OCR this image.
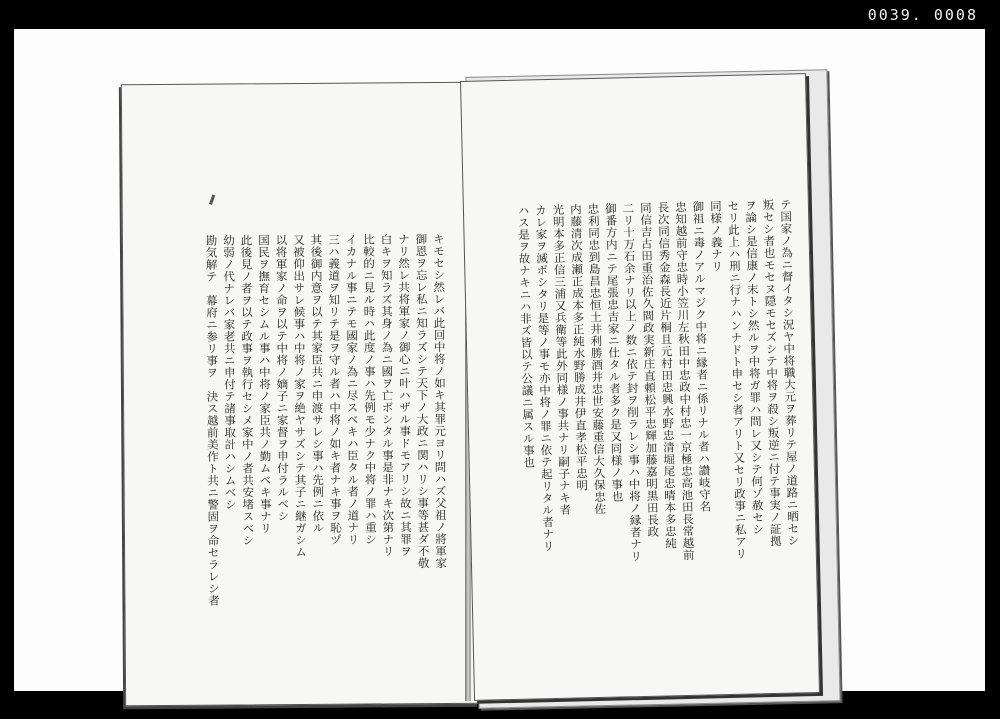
0039. 0008
キモセシ然レバ此回中将ノ如キ其罪元ヨリ問ハズ父祖ノ將軍家
御恩ヲ忘レ私ニ知ラズシテ天下ノ大政ニ関ハリシ事等甚ダ不敬
ナリ然レ共将軍家ノ御心ニ叶ハザル事ドモアリシ故ニ其罪ヲ
白キヲ知ラズ其身ノ為ニ國ヲ亡ボシタル事是非ナキ次第ナリ
比較的ニ見ル時ハ此度ノ事ハ先例モ少ナク中将ノ罪ハ重シ
イカナル事ニテモ國家ノ為ニ尽スベキハ臣タル者ノ道ナリ
三ハ義道ヲ知リテ是ヲ守ル者ハ中将ノ如キ者ナキ事ヲ恥ヅ
其後御内意ヲ以テ其家臣共ニ申渡サレシ事ハ先例ニ依ル
又被仰出サレ候事ハ中将ノ家ヲ絶ヤサズシテ其子ニ継ガシム
以将軍家ノ命ヲ以テ中将ノ嫡子ニ家督ヲ申付ラルベシ
国民ヲ撫育セシムル事ハ中将ノ家臣共ノ勤ムベキ事ナリ
此後見ノ者ヲ以テ政事ヲ執行セシメ家中ノ者共安堵スベシ
幼弱ノ代ナレバ家老共ニ申付テ諸事取計ハシムベシ
勘気解テ　幕府ニ参リ事ヲ　決ス越前美作ト共ニ警固ヲ命セラレシ者	テ国家ノ為ニ督イタシ況ヤ中将職大元ヲ葬リテ屋ノ道路ニ晒セシ
叛セシ者也モセヌ隠モセズシテ中将ヲ殺シ叛逆ニ付テ事実ノ証拠
ヲ論シ是信康ノ末トシ然ルヲ中将ガ罪ハ問レ又シテ何ゾ赦セシ
セリ此上ハ刑ニ行ナハンナドト申セシ者アリト又セリ政事ニ私アリ
同様ノ義ナリ
御祖ニ毒ノアルマジク中将ニ縁者ニ係リナル者ハ讃岐守名
忠知越前守忠時小笠川左秋田中忠政中村忠一京極忠高池田長常越前
長次同信秀金森長近片桐且元村田忠興水野忠清堀尾忠晴本多忠純
同信吉古田重治佐久間政実新庄直頼松平忠輝加藤嘉明黒田長政
二リ十万石余ナリ以上ノ数ニ依テ封ヲ削ラレシ事ハ中将ノ縁者ナリ
御番方内ニテ尾張忠吉家ニ仕タル者多ク是又同様ノ事也
忠利同忠到島昌忠恒土井利勝酒井忠世安藤重信大久保忠佐
内藤清次成瀬正成本多正純水野勝成井伊直孝松平忠明
光明本多正信三浦又兵衛等此外同様ノ事共ナリ嗣子ナキ者
カレ家ヲ滅ボシタリ是等ノ事モ亦中将ノ罪ニ依テ起リタル者ナリ
ハス是ヲ故ナキニハ非ズ皆以テ公議ニ属スル事也
